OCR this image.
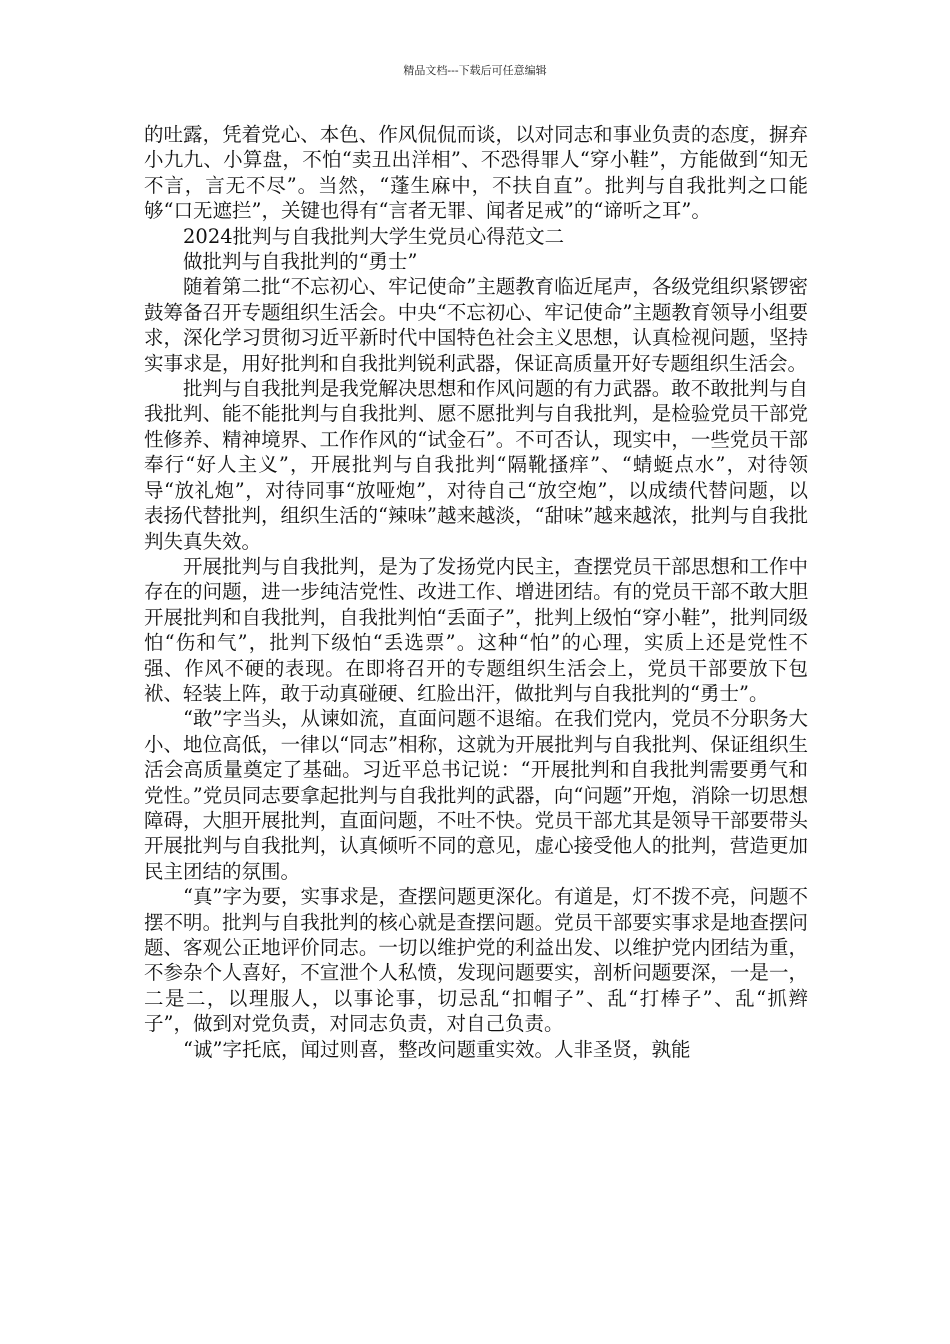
精品文档---下载后可任意编辑

的吐露，凭着党心、本色、作风侃侃而谈，以对同志和事业负责的态度，摒弃小九九、小算盘，不怕“卖丑出洋相”、不恐得罪人“穿小鞋”，方能做到“知无不言，言无不尽”。当然，“蓬生麻中，不扶自直”。批判与自我批判之口能够“口无遮拦”，关键也得有“言者无罪、闻者足戒”的“谛听之耳”。

2024批判与自我批判大学生党员心得范文二

做批判与自我批判的“勇士”

随着第二批“不忘初心、牢记使命”主题教育临近尾声，各级党组织紧锣密鼓筹备召开专题组织生活会。中央“不忘初心、牢记使命”主题教育领导小组要求，深化学习贯彻习近平新时代中国特色社会主义思想，认真检视问题，坚持实事求是，用好批判和自我批判锐利武器，保证高质量开好专题组织生活会。

批判与自我批判是我党解决思想和作风问题的有力武器。敢不敢批判与自我批判、能不能批判与自我批判、愿不愿批判与自我批判，是检验党员干部党性修养、精神境界、工作作风的“试金石”。不可否认，现实中，一些党员干部奉行“好人主义”，开展批判与自我批判“隔靴搔痒”、“蜻蜓点水”，对待领导“放礼炮”，对待同事“放哑炮”，对待自己“放空炮”，以成绩代替问题，以表扬代替批判，组织生活的“辣味”越来越淡，“甜味”越来越浓，批判与自我批判失真失效。

开展批判与自我批判，是为了发扬党内民主，查摆党员干部思想和工作中存在的问题，进一步纯洁党性、改进工作、增进团结。有的党员干部不敢大胆开展批判和自我批判，自我批判怕“丢面子”，批判上级怕“穿小鞋”，批判同级怕“伤和气”，批判下级怕“丢选票”。这种“怕”的心理，实质上还是党性不强、作风不硬的表现。在即将召开的专题组织生活会上，党员干部要放下包袱、轻装上阵，敢于动真碰硬、红脸出汗，做批判与自我批判的“勇士”。

“敢”字当头，从谏如流，直面问题不退缩。在我们党内，党员不分职务大小、地位高低，一律以“同志”相称，这就为开展批判与自我批判、保证组织生活会高质量奠定了基础。习近平总书记说：“开展批判和自我批判需要勇气和党性。”党员同志要拿起批判与自我批判的武器，向“问题”开炮，消除一切思想障碍，大胆开展批判，直面问题，不吐不快。党员干部尤其是领导干部要带头开展批判与自我批判，认真倾听不同的意见，虚心接受他人的批判，营造更加民主团结的氛围。

“真”字为要，实事求是，查摆问题更深化。有道是，灯不拨不亮，问题不摆不明。批判与自我批判的核心就是查摆问题。党员干部要实事求是地查摆问题、客观公正地评价同志。一切以维护党的利益出发、以维护党内团结为重，不参杂个人喜好，不宣泄个人私愤，发现问题要实，剖析问题要深，一是一，二是二，以理服人，以事论事，切忌乱“扣帽子”、乱“打棒子”、乱“抓辫子”，做到对党负责，对同志负责，对自己负责。

“诚”字托底，闻过则喜，整改问题重实效。人非圣贤，孰能
